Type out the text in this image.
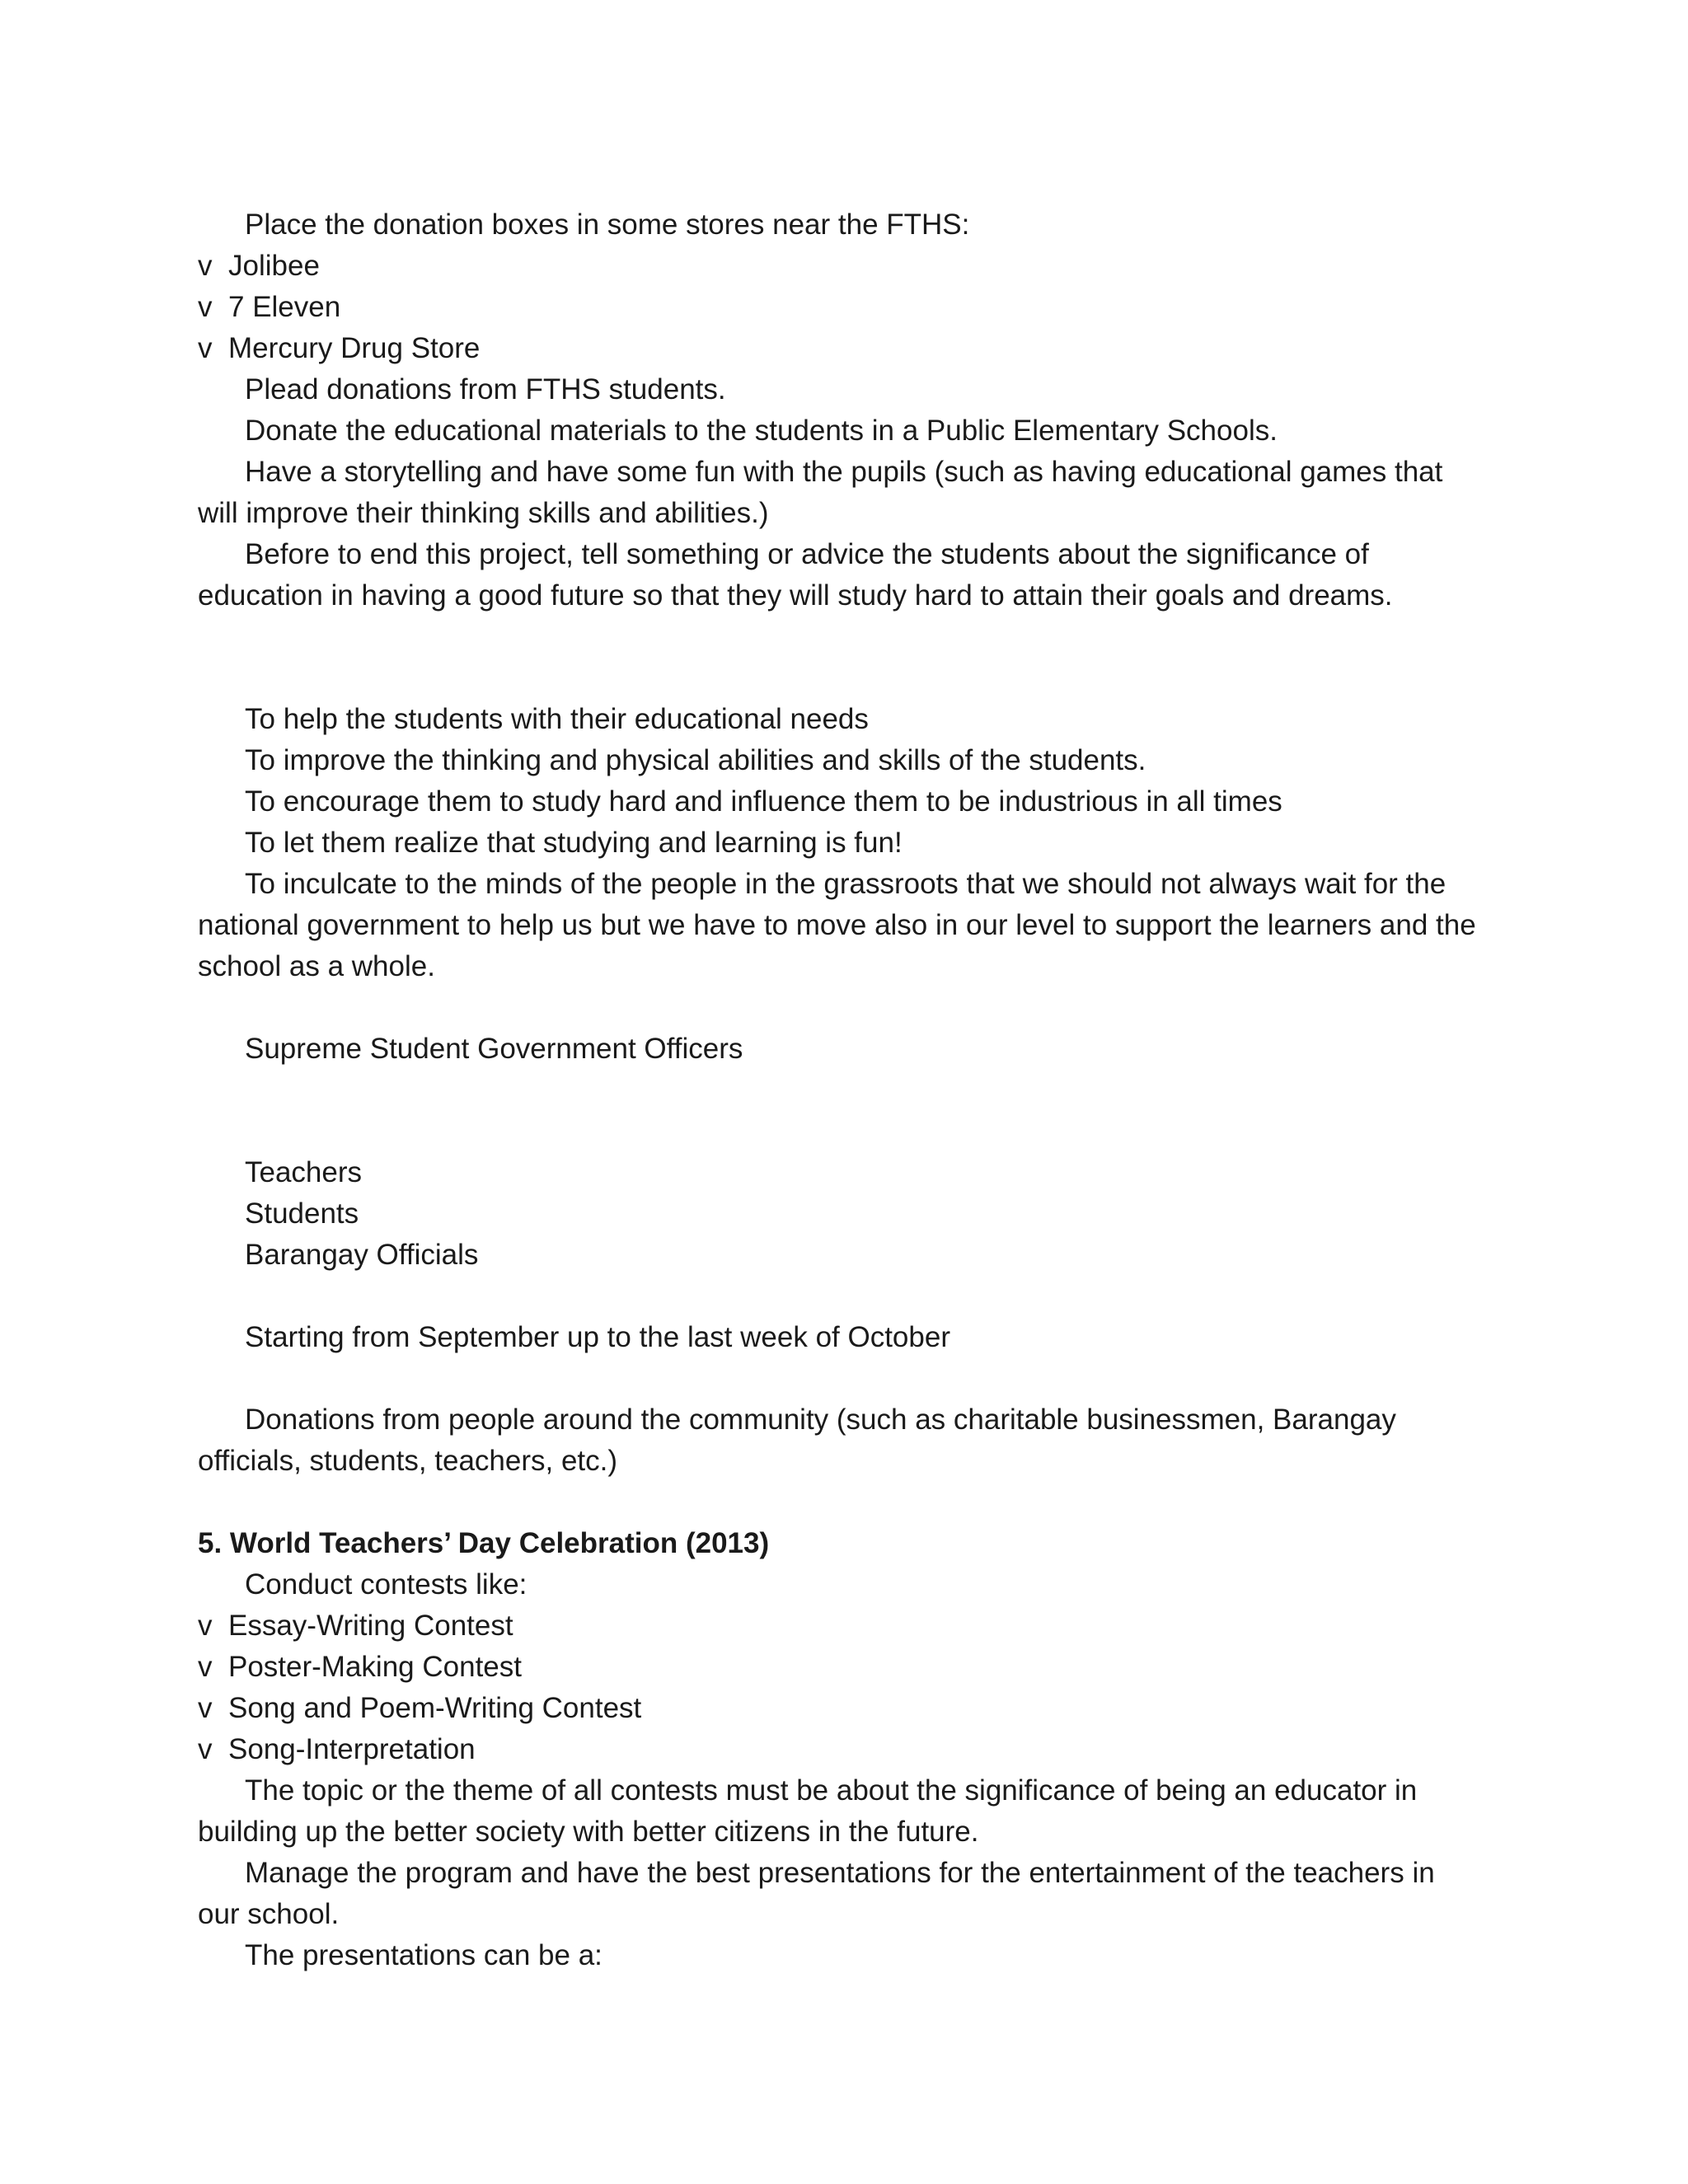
Place the donation boxes in some stores near the FTHS:

v Jolibee
v 7 Eleven
v Mercury Drug Store

Plead donations from FTHS students.

Donate the educational materials to the students in a Public Elementary Schools.

Have a storytelling and have some fun with the pupils (such as having educational games that

will improve their thinking skills and abilities.)

Before to end this project, tell something or advice the students about the significance of

education in having a good future so that they will study hard to attain their goals and dreams.

To help the students with their educational needs

To improve the thinking and physical abilities and skills of the students.

To encourage them to study hard and influence them to be industrious in all times

To let them realize that studying and learning is fun!

To inculcate to the minds of the people in the grassroots that we should not always wait for the

national government to help us but we have to move also in our level to support the learners and the

school as a whole.

Supreme Student Government Officers

Teachers

Students

Barangay Officials

Starting from September up to the last week of October

Donations from people around the community (such as charitable businessmen, Barangay

officials, students, teachers, etc.)

5. World Teachers’ Day Celebration (2013)

Conduct contests like:

v Essay-Writing Contest
v Poster-Making Contest
v Song and Poem-Writing Contest
v Song-Interpretation

The topic or the theme of all contests must be about the significance of being an educator in

building up the better society with better citizens in the future.

Manage the program and have the best presentations for the entertainment of the teachers in

our school.

The presentations can be a:
